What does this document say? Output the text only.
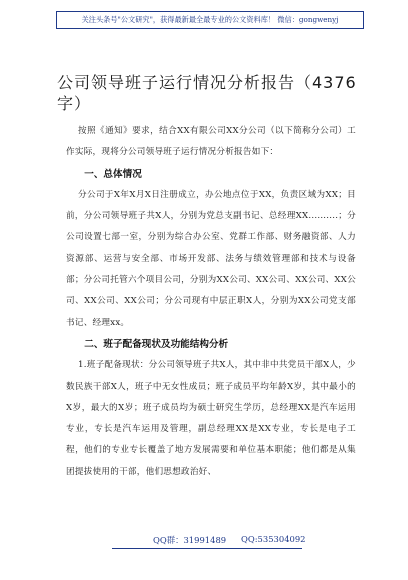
关注头条号"公文研究"，获得最新最全最专业的公文资料库！ 微信：gongwenyj
公司领导班子运行情况分析报告（4376字）

按照《通知》要求，结合XX有限公司XX分公司（以下简称分公司）工作实际，现将分公司领导班子运行情况分析报告如下：

一、总体情况

分公司于X年X月X日注册成立，办公地点位于XX，负责区域为XX；目前，分公司领导班子共X人，分别为党总支副书记、总经理XX..........；分公司设置七部一室，分别为综合办公室、党群工作部、财务融资部、人力资源部、运营与安全部、市场开发部、法务与绩效管理部和技术与设备部；分公司托管六个项目公司，分别为XX公司、XX公司、XX公司、XX公司、XX公司、XX公司；分公司现有中层正职X人，分别为XX公司党支部书记、经理xx。

二、班子配备现状及功能结构分析

1.班子配备现状：分公司领导班子共X人，其中非中共党员干部X人，少数民族干部X人，班子中无女性成员；班子成员平均年龄X岁，其中最小的X岁，最大的X岁；班子成员均为硕士研究生学历，总经理XX是汽车运用专业，专长是汽车运用及管理，副总经理XX是XX专业，专长是电子工程，他们的专业专长覆盖了地方发展需要和单位基本职能；他们都是从集团提拔使用的干部，他们思想政治好、

QQ群：31991489 QQ:535304092
